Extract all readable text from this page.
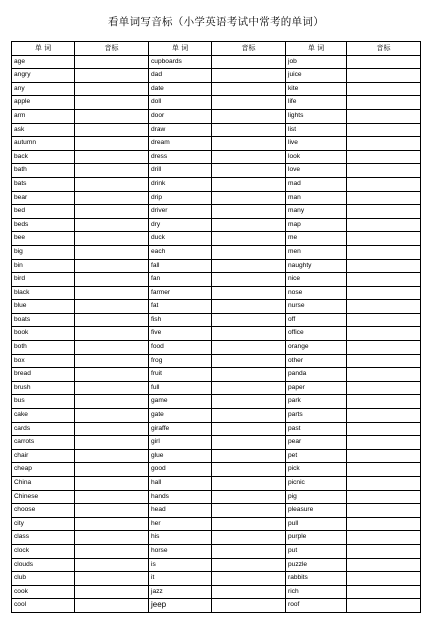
看单词写音标（小学英语考试中常考的单词）
单 词	音标	单 词	音标	单 词	音标
age		cupboards		job	
angry		dad		juice	
any		date		kite	
apple		doll		life	
arm		door		lights	
ask		draw		list	
autumn		dream		live	
back		dress		look	
bath		drill		love	
bats		drink		mad	
bear		drip		man	
bed		driver		many	
beds		dry		map	
bee		duck		me	
big		each		men	
bin		fall		naughty	
bird		fan		nice	
black		farmer		nose	
blue		fat		nurse	
boats		fish		off	
book		five		office	
both		food		orange	
box		frog		other	
bread		fruit		panda	
brush		full		paper	
bus		game		park	
cake		gate		parts	
cards		giraffe		past	
carrots		girl		pear	
chair		glue		pet	
cheap		good		pick	
China		hall		picnic	
Chinese		hands		pig	
choose		head		pleasure	
city		her		pull	
class		his		purple	
clock		horse		put	
clouds		is		puzzle	
club		it		rabbits	
cook		jazz		rich	
cool		jeep		roof	
